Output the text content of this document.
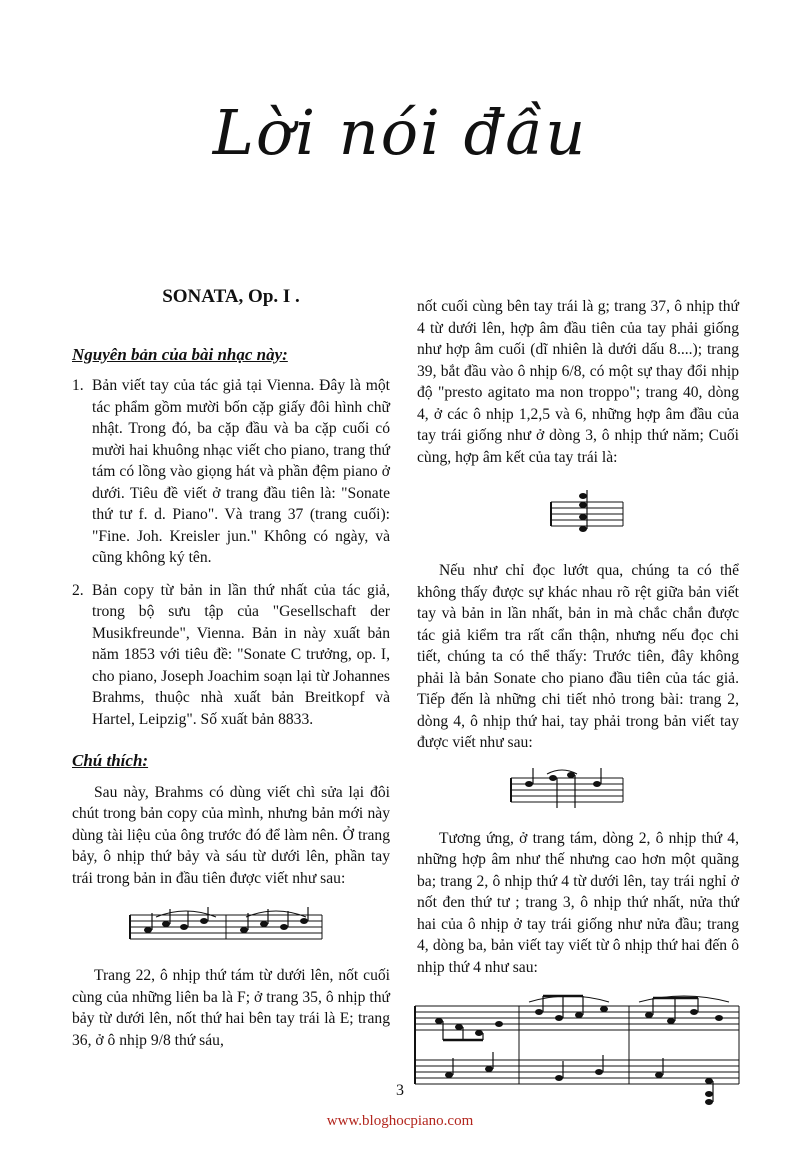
Lời nói đầu

SONATA, Op. I .

Nguyên bản của bài nhạc này:

1. Bản viết tay của tác giả tại Vienna. Đây là một tác phẩm gồm mười bốn cặp giấy đôi hình chữ nhật. Trong đó, ba cặp đầu và ba cặp cuối có mười hai khuông nhạc viết cho piano, trang thứ tám có lồng vào giọng hát và phần đệm piano ở dưới. Tiêu đề viết ở trang đầu tiên là: "Sonate thứ tư f. d. Piano". Và trang 37 (trang cuối): "Fine. Joh. Kreisler jun." Không có ngày, và cũng không ký tên.
2. Bản copy từ bản in lần thứ nhất của tác giả, trong bộ sưu tập của "Gesellschaft der Musikfreunde", Vienna. Bản in này xuất bản năm 1853 với tiêu đề: "Sonate C trưởng, op. I, cho piano, Joseph Joachim soạn lại từ Johannes Brahms, thuộc nhà xuất bản Breitkopf và Hartel, Leipzig". Số xuất bản 8833.

Chú thích:

Sau này, Brahms có dùng viết chì sửa lại đôi chút trong bản copy của mình, nhưng bản mới này dùng tài liệu của ông trước đó để làm nên. Ở trang bảy, ô nhịp thứ bảy và sáu từ dưới lên, phần tay trái trong bản in đầu tiên được viết như sau:

Trang 22, ô nhịp thứ tám từ dưới lên, nốt cuối cùng của những liên ba là F; ở trang 35, ô nhịp thứ bảy từ dưới lên, nốt thứ hai bên tay trái là E; trang 36, ở ô nhịp 9/8 thứ sáu,

nốt cuối cùng bên tay trái là g; trang 37, ô nhịp thứ 4 từ dưới lên, hợp âm đầu tiên của tay phải giống như hợp âm cuối (dĩ nhiên là dưới dấu 8....); trang 39, bắt đầu vào ô nhịp 6/8, có một sự thay đổi nhịp độ "presto agitato ma non troppo"; trang 40, dòng 4, ở các ô nhịp 1,2,5 và 6, những hợp âm đầu của tay trái giống như ở dòng 3, ô nhịp thứ năm; Cuối cùng, hợp âm kết của tay trái là:

Nếu như chỉ đọc lướt qua, chúng ta có thể không thấy được sự khác nhau rõ rệt giữa bản viết tay và bản in lần nhất, bản in mà chắc chắn được tác giả kiểm tra rất cẩn thận, nhưng nếu đọc chi tiết, chúng ta có thể thấy: Trước tiên, đây không phải là bản Sonate cho piano đầu tiên của tác giả. Tiếp đến là những chi tiết nhỏ trong bài: trang 2, dòng 4, ô nhịp thứ hai, tay phải trong bản viết tay được viết như sau:

Tương ứng, ở trang tám, dòng 2, ô nhịp thứ 4, những hợp âm như thế nhưng cao hơn một quãng ba; trang 2, ô nhịp thứ 4 từ dưới lên, tay trái nghỉ ở nốt đen thứ tư ; trang 3, ô nhịp thứ nhất, nửa thứ hai của ô nhịp ở tay trái giống như nửa đầu; trang 4, dòng ba, bản viết tay viết từ ô nhịp thứ hai đến ô nhịp thứ 4 như sau:

3
www.bloghocpiano.com
